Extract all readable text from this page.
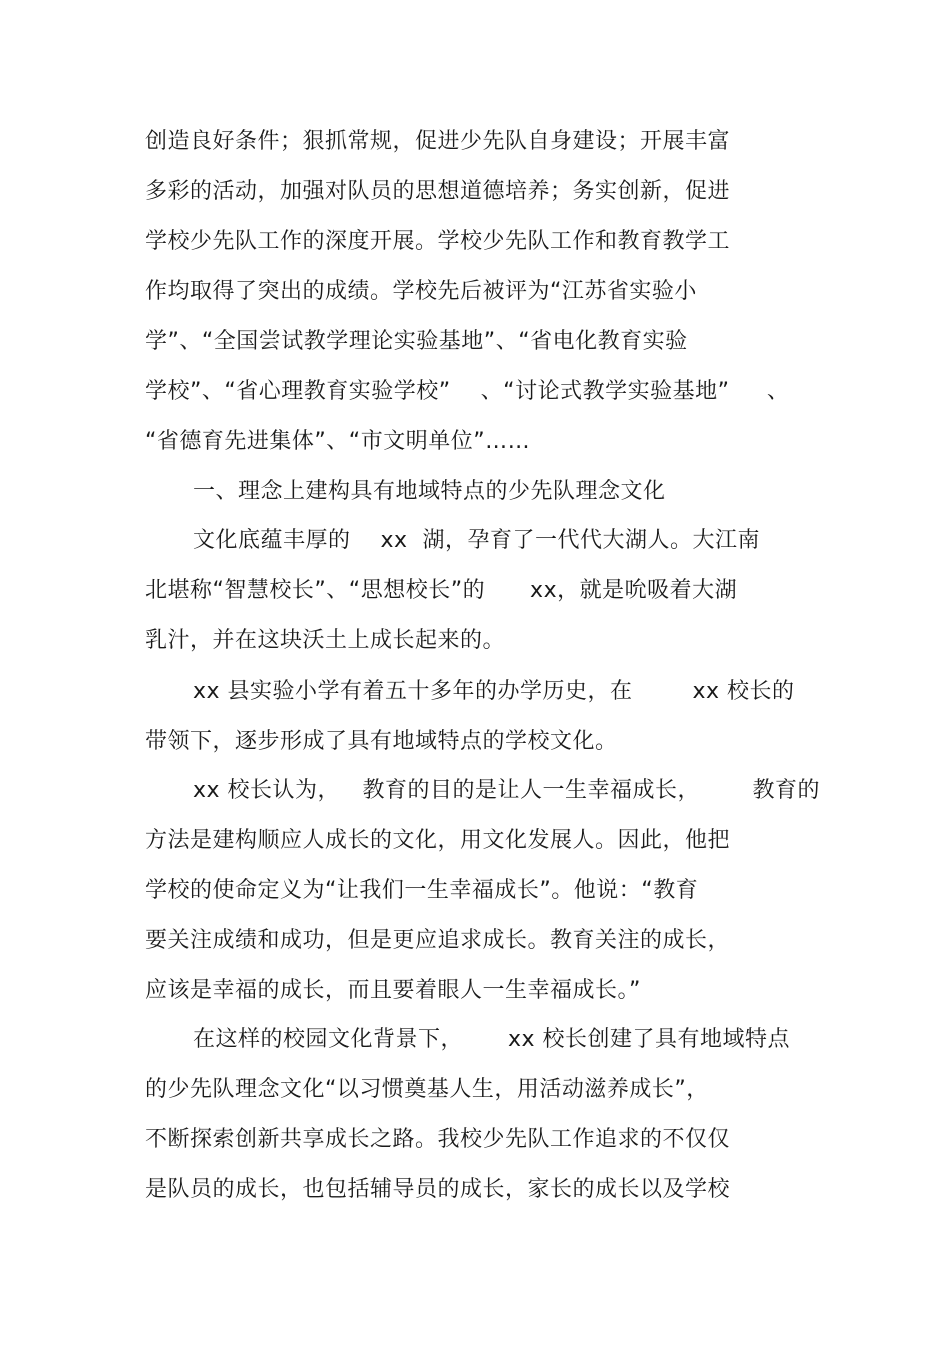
创造良好条件；狠抓常规，促进少先队自身建设；开展丰富
多彩的活动，加强对队员的思想道德培养；务实创新，促进
学校少先队工作的深度开展。学校少先队工作和教育教学工
作均取得了突出的成绩。学校先后被评为“江苏省实验小
学”、“全国尝试教学理论实验基地”、“省电化教育实验
学校”、“省心理教育实验学校”    、“讨论式教学实验基地”     、
“省德育先进集体”、“市文明单位”……
一、理念上建构具有地域特点的少先队理念文化
文化底蕴丰厚的    xx  湖，孕育了一代代大湖人。大江南
北堪称“智慧校长”、“思想校长”的      xx，就是吮吸着大湖
乳汁，并在这块沃土上成长起来的。
xx 县实验小学有着五十多年的办学历史，在        xx 校长的
带领下，逐步形成了具有地域特点的学校文化。
xx 校长认为，   教育的目的是让人一生幸福成长，       教育的
方法是建构顺应人成长的文化，用文化发展人。因此，他把
学校的使命定义为“让我们一生幸福成长”。他说：“教育
要关注成绩和成功，但是更应追求成长。教育关注的成长，
应该是幸福的成长，而且要着眼人一生幸福成长。”
在这样的校园文化背景下，      xx 校长创建了具有地域特点
的少先队理念文化“以习惯奠基人生，用活动滋养成长”，
不断探索创新共享成长之路。我校少先队工作追求的不仅仅
是队员的成长，也包括辅导员的成长，家长的成长以及学校
